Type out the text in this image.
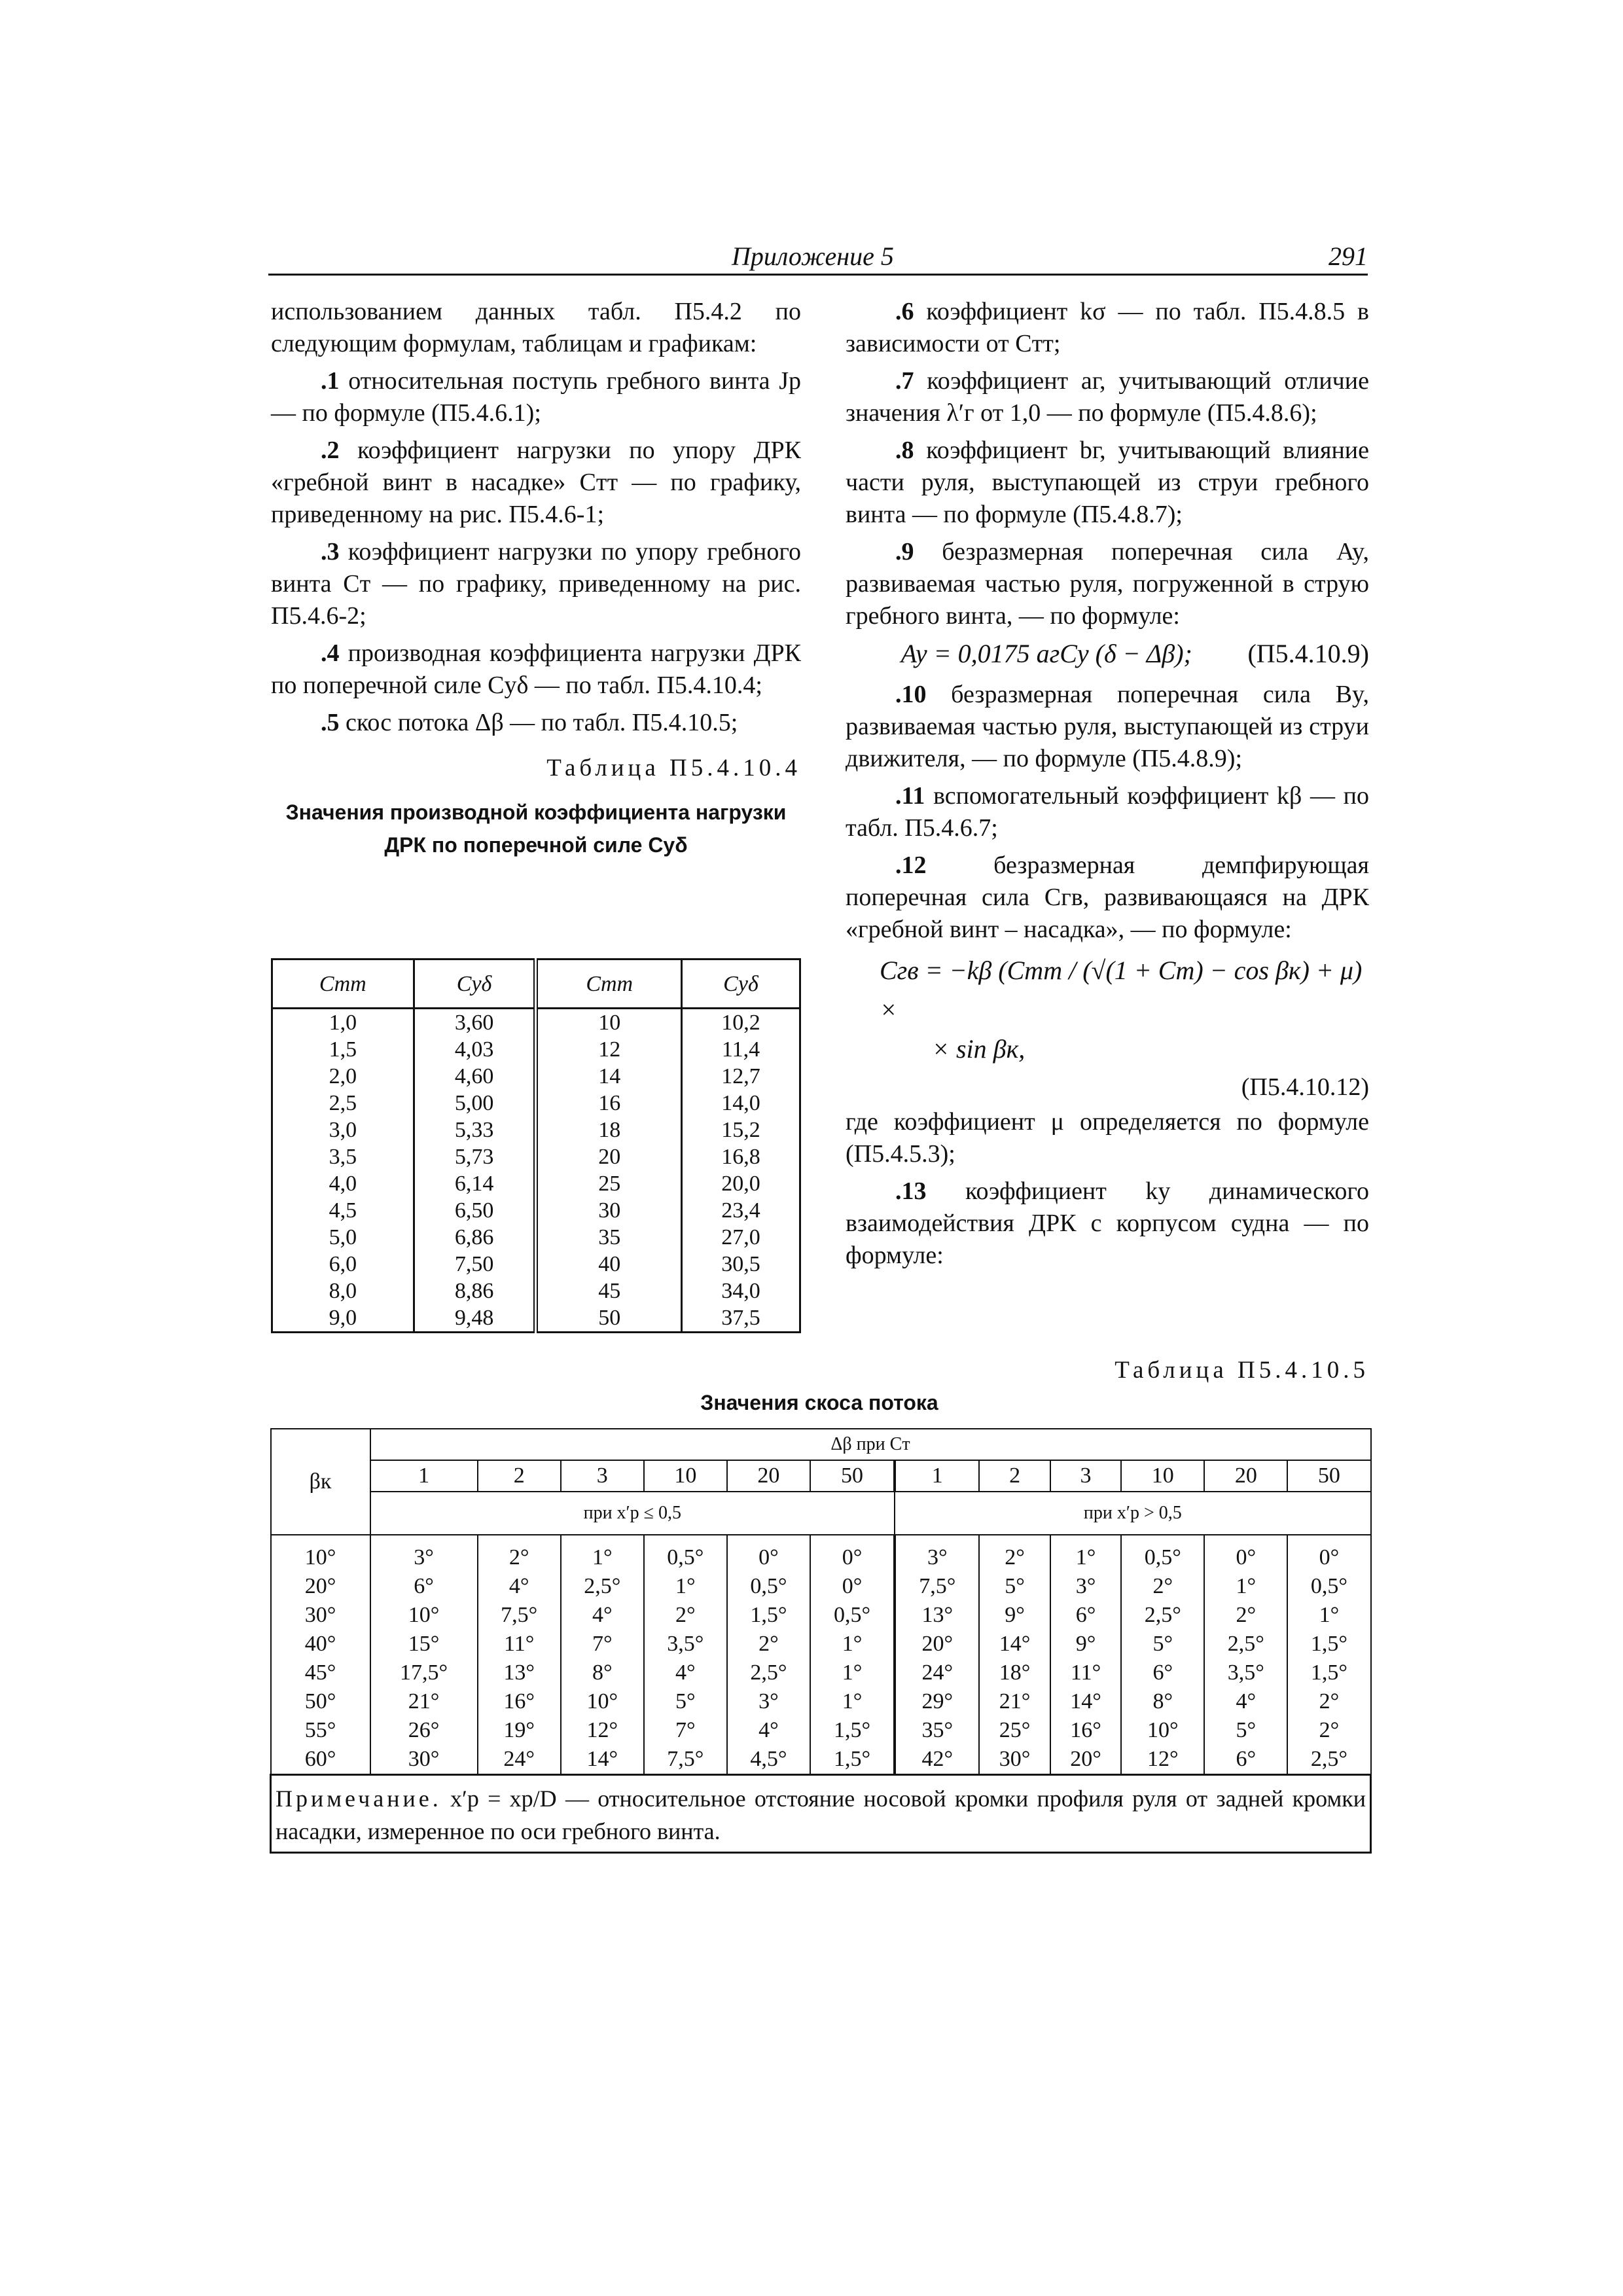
Приложение 5	291

использованием данных табл. П5.4.2 по следующим формулам, таблицам и графикам:

.1 относительная поступь гребного винта Jр — по формуле (П5.4.6.1);

.2 коэффициент нагрузки по упору ДРК «гребной винт в насадке» Cтт — по графику, приведенному на рис. П5.4.6-1;

.3 коэффициент нагрузки по упору гребного винта Cт — по графику, приведенному на рис. П5.4.6-2;

.4 производная коэффициента нагрузки ДРК по поперечной силе Cyδ — по табл. П5.4.10.4;

.5 скос потока Δβ — по табл. П5.4.10.5;

Таблица П5.4.10.4
Значения производной коэффициента нагрузки
ДРК по поперечной силе Cyδ
Cтт	Cyδ	Cтт	Cyδ
1,0	3,60	10	10,2
1,5	4,03	12	11,4
2,0	4,60	14	12,7
2,5	5,00	16	14,0
3,0	5,33	18	15,2
3,5	5,73	20	16,8
4,0	6,14	25	20,0
4,5	6,50	30	23,4
5,0	6,86	35	27,0
6,0	7,50	40	30,5
8,0	8,86	45	34,0
9,0	9,48	50	37,5

.6 коэффициент kσ — по табл. П5.4.8.5 в зависимости от Cтт;

.7 коэффициент aг, учитывающий отличие значения λ′г от 1,0 — по формуле (П5.4.8.6);

.8 коэффициент bг, учитывающий влияние части руля, выступающей из струи гребного винта — по формуле (П5.4.8.7);

.9 безразмерная поперечная сила Ay, развиваемая частью руля, погруженной в струю гребного винта, — по формуле:

Ay = 0,0175 aгCy (δ − Δβ); (П5.4.10.9)

.10 безразмерная поперечная сила By, развиваемая частью руля, выступающей из струи движителя, — по формуле (П5.4.8.9);

.11 вспомогательный коэффициент kβ — по табл. П5.4.6.7;

.12 безразмерная демпфирующая поперечная сила Cгв, развивающаяся на ДРК «гребной винт – насадка», — по формуле:

Cгв = −kβ (Cтт / (√(1 + Cт) − cos βк) + μ) ×
× sin βк,
(П5.4.10.12)

где коэффициент μ определяется по формуле (П5.4.5.3);

.13 коэффициент ky динамического взаимодействия ДРК с корпусом судна — по формуле:

Таблица П5.4.10.5
Значения скоса потока
βк	Δβ при Cт											
	1	2	3	10	20	50	1	2	3	10	20	50
	при x′р ≤ 0,5						при x′р > 0,5					
10°	3°	2°	1°	0,5°	0°	0°	3°	2°	1°	0,5°	0°	0°
20°	6°	4°	2,5°	1°	0,5°	0°	7,5°	5°	3°	2°	1°	0,5°
30°	10°	7,5°	4°	2°	1,5°	0,5°	13°	9°	6°	2,5°	2°	1°
40°	15°	11°	7°	3,5°	2°	1°	20°	14°	9°	5°	2,5°	1,5°
45°	17,5°	13°	8°	4°	2,5°	1°	24°	18°	11°	6°	3,5°	1,5°
50°	21°	16°	10°	5°	3°	1°	29°	21°	14°	8°	4°	2°
55°	26°	19°	12°	7°	4°	1,5°	35°	25°	16°	10°	5°	2°
60°	30°	24°	14°	7,5°	4,5°	1,5°	42°	30°	20°	12°	6°	2,5°
Примечание. x′р = xр/D — относительное отстояние носовой кромки профиля руля от задней кромки насадки, измеренное по оси гребного винта.												
